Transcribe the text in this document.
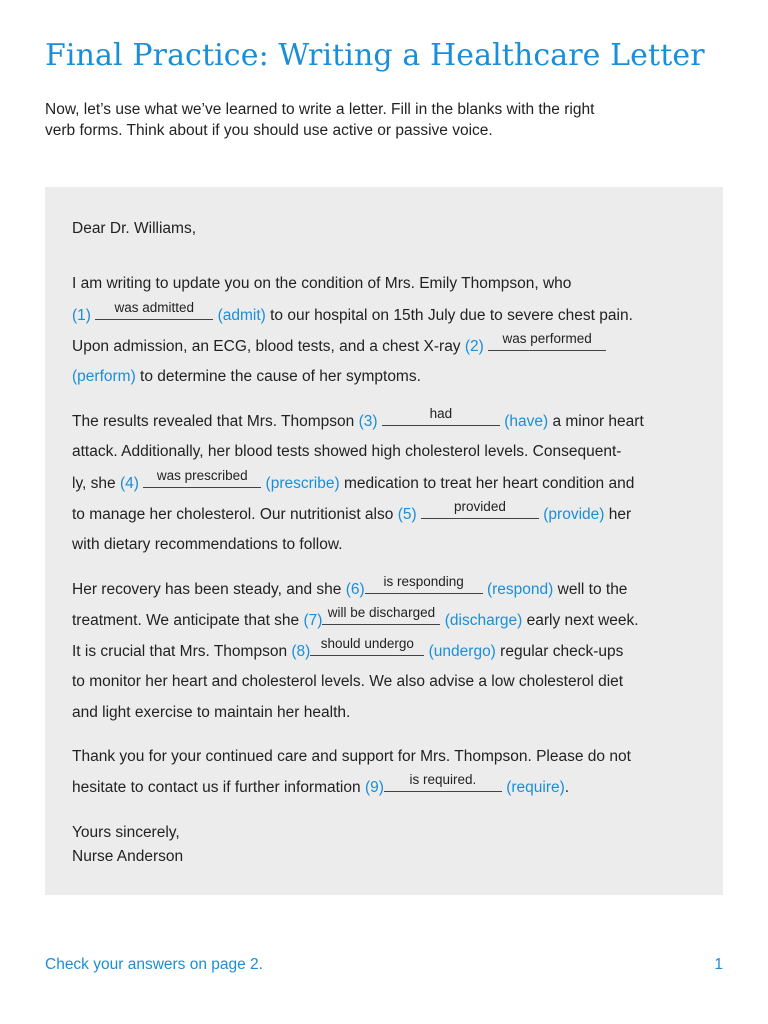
Final Practice: Writing a Healthcare Letter
Now, let’s use what we’ve learned to write a letter. Fill in the blanks with the right
verb forms. Think about if you should use active or passive voice.
Dear Dr. Williams,
I am writing to update you on the condition of Mrs. Emily Thompson, who
(1)	was admitted	(admit) to our hospital on 15th July due to severe chest pain.
Upon admission, an ECG, blood tests, and a chest X-ray (2)	was performed
(perform) to determine the cause of her symptoms.
The results revealed that Mrs. Thompson (3)	had	(have) a minor heart
attack. Additionally, her blood tests showed high cholesterol levels. Consequent-
ly, she (4)	was prescribed	(prescribe) medication to treat her heart condition and
to manage her cholesterol. Our nutritionist also (5)	provided	(provide) her
with dietary recommendations to follow.
Her recovery has been steady, and she (6)	is responding	(respond) well to the
treatment. We anticipate that she (7) will be discharged (discharge) early next week.
It is crucial that Mrs. Thompson (8) should undergo (undergo) regular check-ups
to monitor her heart and cholesterol levels. We also advise a low cholesterol diet
and light exercise to maintain her health.
Thank you for your continued care and support for Mrs. Thompson. Please do not
hesitate to contact us if further information (9)	is required.	(require).
Yours sincerely,
Nurse Anderson
Check your answers on page 2.	1
